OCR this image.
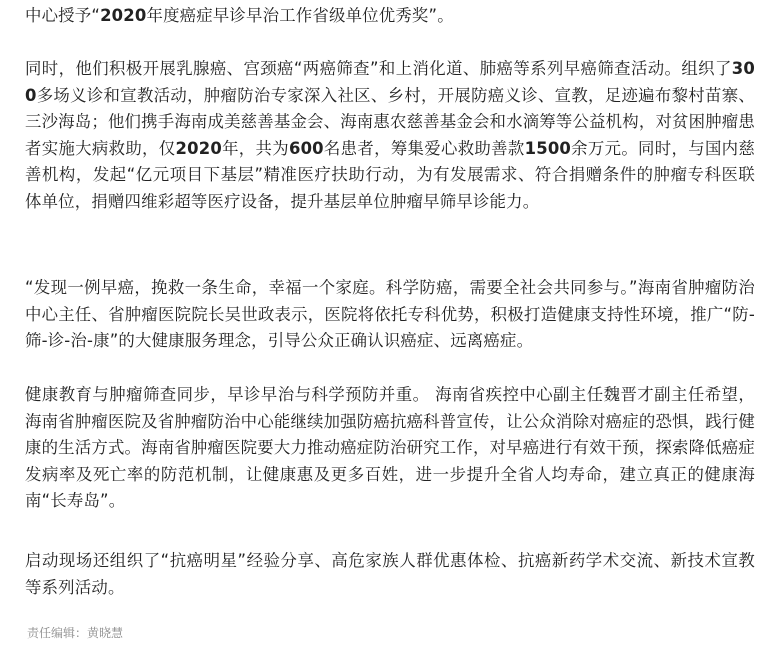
中心授予“2020年度癌症早诊早治工作省级单位优秀奖”。

同时，他们积极开展乳腺癌、宫颈癌“两癌筛查”和上消化道、肺癌等系列早癌筛查活动。组织了300多场义诊和宣教活动，肿瘤防治专家深入社区、乡村，开展防癌义诊、宣教，足迹遍布黎村苗寨、三沙海岛；他们携手海南成美慈善基金会、海南惠农慈善基金会和水滴筹等公益机构，对贫困肿瘤患者实施大病救助，仅2020年，共为600名患者，筹集爱心救助善款1500余万元。同时，与国内慈善机构，发起“亿元项目下基层”精准医疗扶助行动，为有发展需求、符合捐赠条件的肿瘤专科医联体单位，捐赠四维彩超等医疗设备，提升基层单位肿瘤早筛早诊能力。

“发现一例早癌，挽救一条生命，幸福一个家庭。科学防癌，需要全社会共同参与。”海南省肿瘤防治中心主任、省肿瘤医院院长吴世政表示，医院将依托专科优势，积极打造健康支持性环境，推广“防-筛-诊-治-康”的大健康服务理念，引导公众正确认识癌症、远离癌症。

健康教育与肿瘤筛查同步，早诊早治与科学预防并重。 海南省疾控中心副主任魏晋才副主任希望，海南省肿瘤医院及省肿瘤防治中心能继续加强防癌抗癌科普宣传，让公众消除对癌症的恐惧，践行健康的生活方式。海南省肿瘤医院要大力推动癌症防治研究工作，对早癌进行有效干预，探索降低癌症发病率及死亡率的防范机制，让健康惠及更多百姓，进一步提升全省人均寿命，建立真正的健康海南“长寿岛”。

启动现场还组织了“抗癌明星”经验分享、高危家族人群优惠体检、抗癌新药学术交流、新技术宣教等系列活动。

责任编辑：黄晓慧
